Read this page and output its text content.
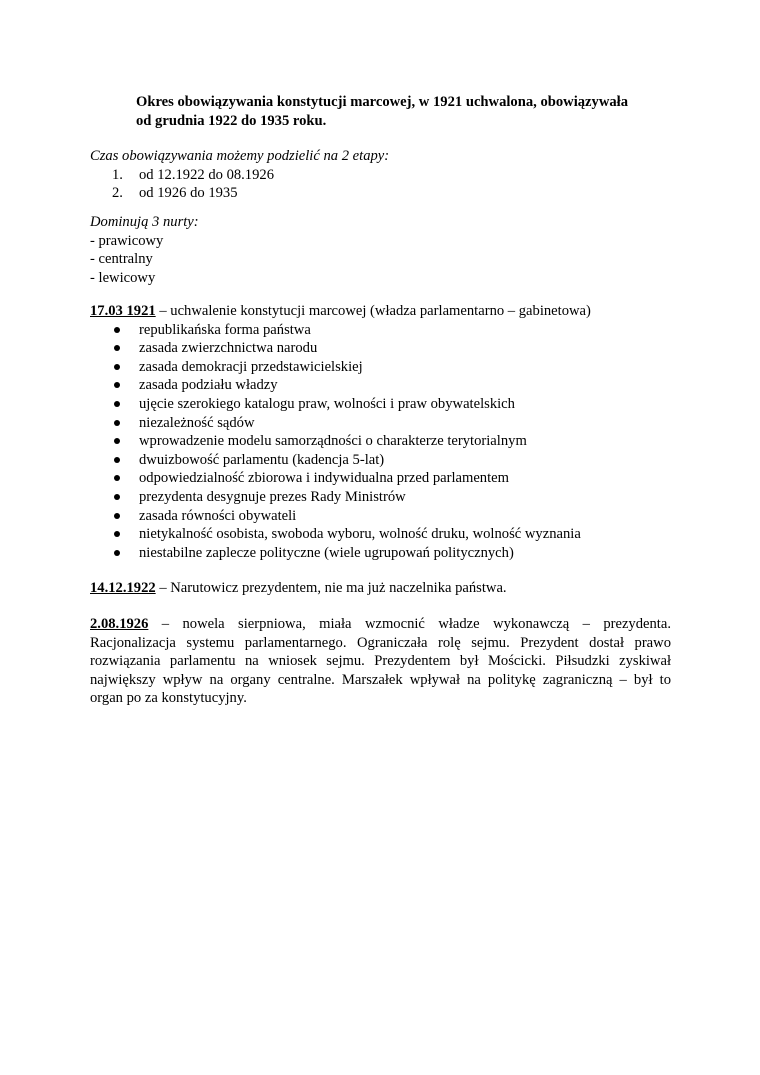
Okres obowiązywania konstytucji marcowej, w 1921 uchwalona, obowiązywała
od grudnia 1922 do 1935 roku.
Czas obowiązywania możemy podzielić na 2 etapy:
1. od 12.1922 do 08.1926
2. od 1926 do 1935
Dominują 3 nurty:
- prawicowy
- centralny
- lewicowy
17.03 1921 – uchwalenie konstytucji marcowej (władza parlamentarno – gabinetowa)
republikańska forma państwa
zasada zwierzchnictwa narodu
zasada demokracji przedstawicielskiej
zasada podziału władzy
ujęcie szerokiego katalogu praw, wolności i praw obywatelskich
niezależność sądów
wprowadzenie modelu samorządności o charakterze terytorialnym
dwuizbowość parlamentu (kadencja 5-lat)
odpowiedzialność zbiorowa i indywidualna przed parlamentem
prezydenta desygnuje prezes Rady Ministrów
zasada równości obywateli
nietykalność osobista, swoboda wyboru, wolność druku, wolność wyznania
niestabilne zaplecze polityczne (wiele ugrupowań politycznych)
14.12.1922 – Narutowicz prezydentem, nie ma już naczelnika państwa.
2.08.1926 – nowela sierpniowa, miała wzmocnić władze wykonawczą – prezydenta.
Racjonalizacja systemu parlamentarnego. Ograniczała rolę sejmu. Prezydent dostał prawo
rozwiązania parlamentu na wniosek sejmu. Prezydentem był Mościcki. Piłsudzki zyskiwał
największy wpływ na organy centralne. Marszałek wpływał na politykę zagraniczną – był to
organ po za konstytucyjny.
